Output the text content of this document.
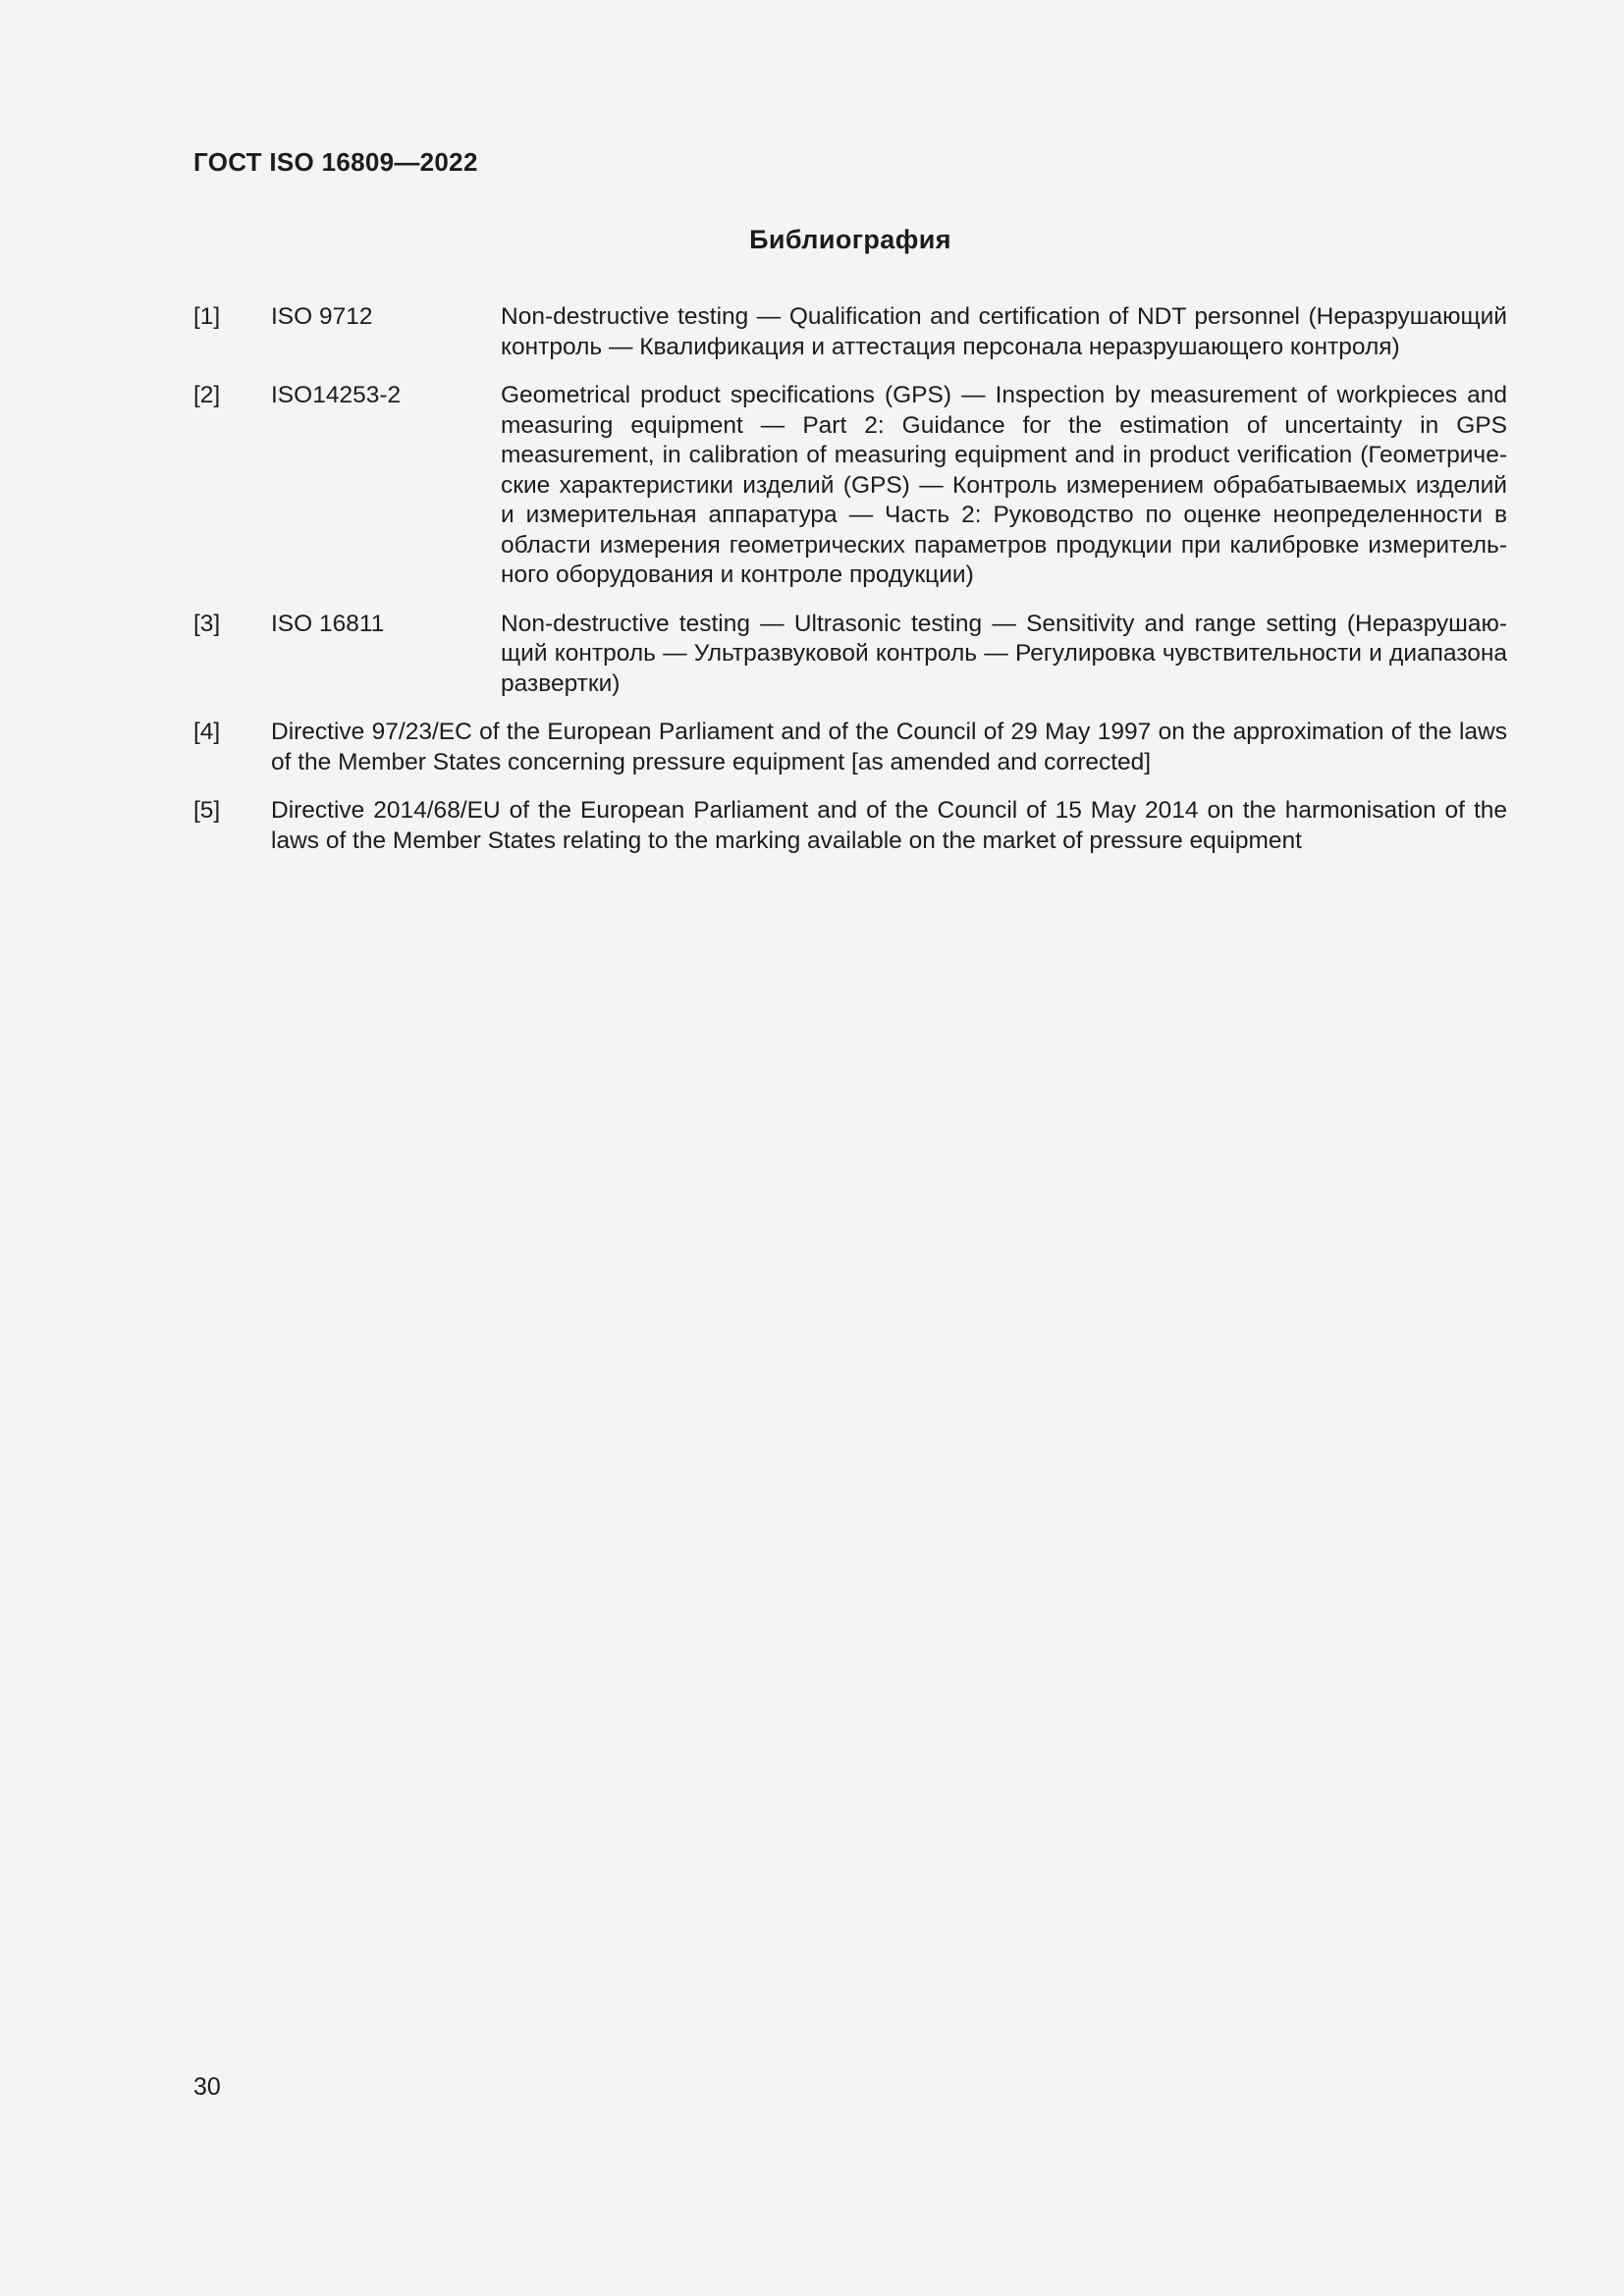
ГОСТ ISO 16809—2022
Библиография
[1]	ISO 9712	Non-destructive testing — Qualification and certification of NDT personnel (Неразрушающий контроль — Квалификация и аттестация персонала неразрушающего контроля)
[2]	ISO14253-2	Geometrical product specifications (GPS) — Inspection by measurement of workpieces and measuring equipment — Part 2: Guidance for the estimation of uncertainty in GPS measurement, in calibration of measuring equipment and in product verification (Геометрические характеристики изделий (GPS) — Контроль измерением обрабатываемых изделий и измерительная аппаратура — Часть 2: Руководство по оценке неопределенности в области измерения геометрических параметров продукции при калибровке измерительного оборудования и контроле продукции)
[3]	ISO 16811	Non-destructive testing — Ultrasonic testing — Sensitivity and range setting (Неразрушающий контроль — Ультразвуковой контроль — Регулировка чувствительности и диапазона развертки)
[4]	Directive 97/23/EC of the European Parliament and of the Council of 29 May 1997 on the approximation of the laws of the Member States concerning pressure equipment [as amended and corrected]
[5]	Directive 2014/68/EU of the European Parliament and of the Council of 15 May 2014 on the harmonisation of the laws of the Member States relating to the marking available on the market of pressure equipment
30
